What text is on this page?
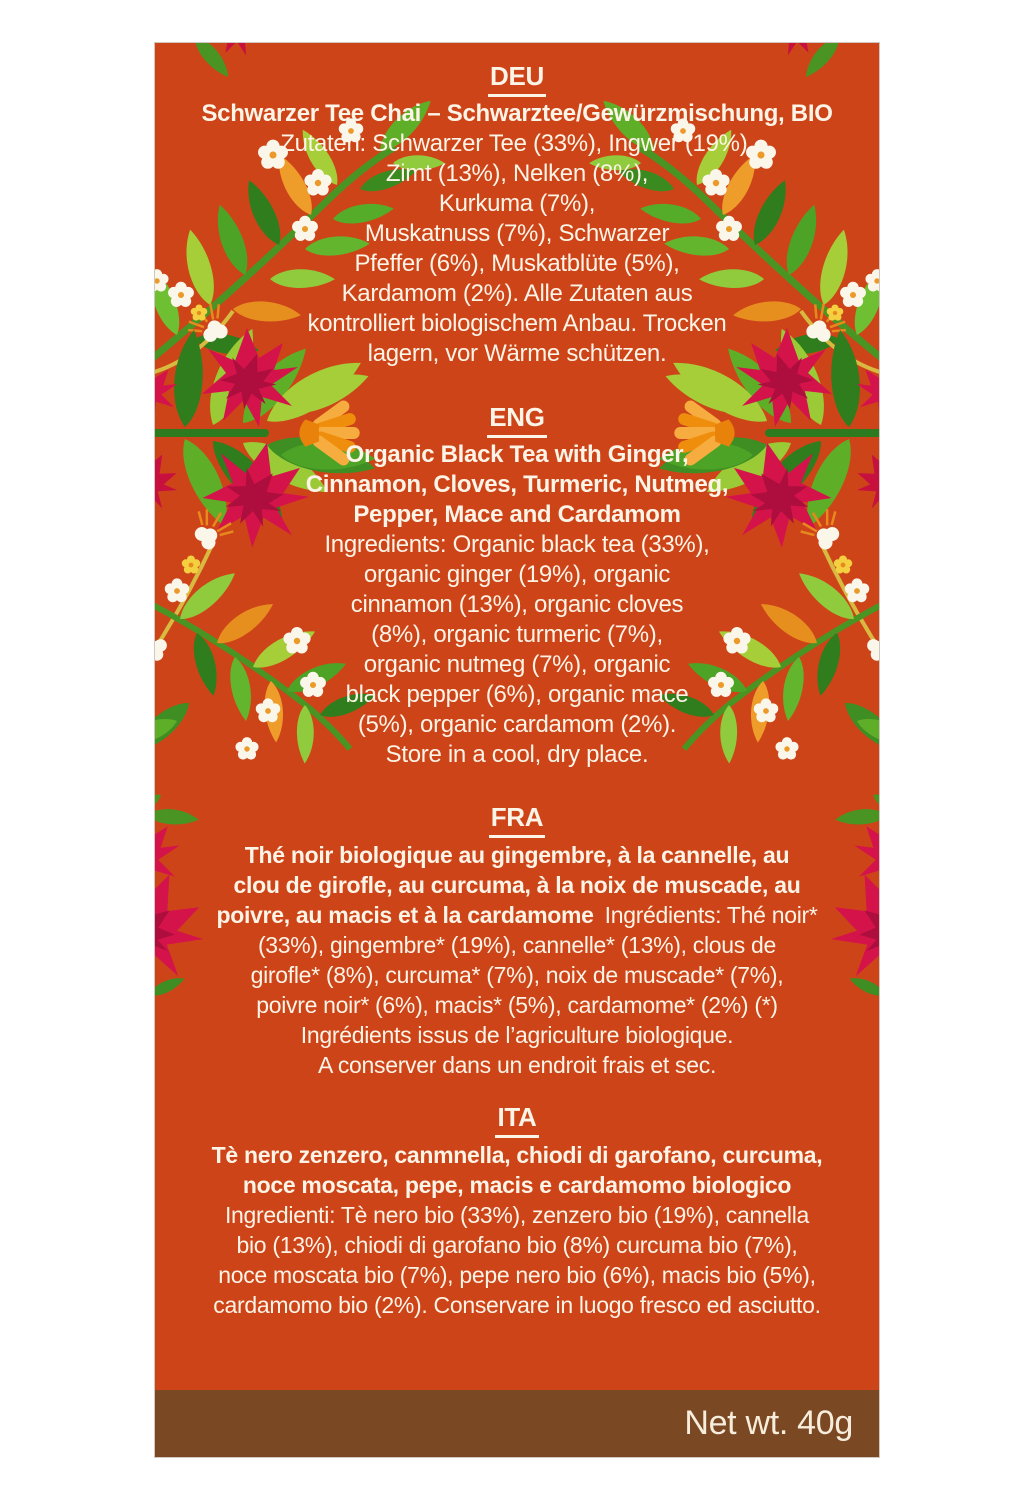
DEU
Schwarzer Tee Chai – Schwarztee/Gewürzmischung, BIO
Zutaten: Schwarzer Tee (33%), Ingwer (19%),
Zimt (13%), Nelken (8%),
Kurkuma (7%),
Muskatnuss (7%), Schwarzer
Pfeffer (6%), Muskatblüte (5%),
Kardamom (2%). Alle Zutaten aus
kontrolliert biologischem Anbau. Trocken
lagern, vor Wärme schützen.
ENG
Organic Black Tea with Ginger,
Cinnamon, Cloves, Turmeric, Nutmeg,
Pepper, Mace and Cardamom
Ingredients: Organic black tea (33%),
organic ginger (19%), organic
cinnamon (13%), organic cloves
(8%), organic turmeric (7%),
organic nutmeg (7%), organic
black pepper (6%), organic mace
(5%), organic cardamom (2%).
Store in a cool, dry place.
FRA
Thé noir biologique au gingembre, à la cannelle, au
clou de girofle, au curcuma, à la noix de muscade, au
poivre, au macis et à la cardamome Ingrédients: Thé noir*
(33%), gingembre* (19%), cannelle* (13%), clous de
girofle* (8%), curcuma* (7%), noix de muscade* (7%),
poivre noir* (6%), macis* (5%), cardamome* (2%) (*)
Ingrédients issus de l’agriculture biologique.
A conserver dans un endroit frais et sec.
ITA
Tè nero zenzero, canmnella, chiodi di garofano, curcuma,
noce moscata, pepe, macis e cardamomo biologico
Ingredienti: Tè nero bio (33%), zenzero bio (19%), cannella
bio (13%), chiodi di garofano bio (8%) curcuma bio (7%),
noce moscata bio (7%), pepe nero bio (6%), macis bio (5%),
cardamomo bio (2%). Conservare in luogo fresco ed asciutto.
Net wt. 40g
